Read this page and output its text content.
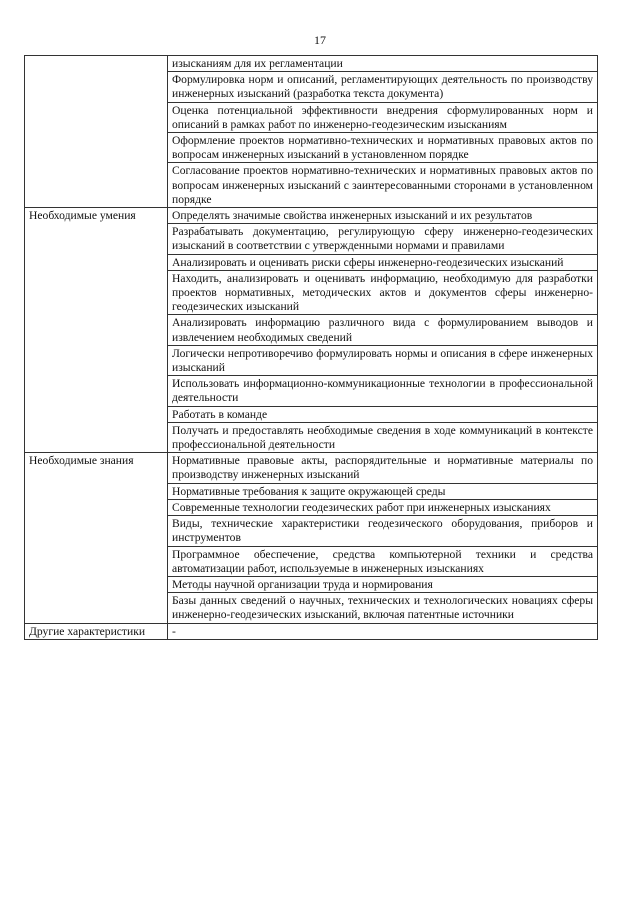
17
	изысканиям для их регламентации
	Формулировка норм и описаний, регламентирующих деятельность по производству инженерных изысканий (разработка текста документа)
	Оценка потенциальной эффективности внедрения сформулированных норм и описаний в рамках работ по инженерно-геодезическим изысканиям
	Оформление проектов нормативно-технических и нормативных правовых актов по вопросам инженерных изысканий в установленном порядке
	Согласование проектов нормативно-технических и нормативных правовых актов по вопросам инженерных изысканий с заинтересованными сторонами в установленном порядке
Необходимые умения	Определять значимые свойства инженерных изысканий и их результатов
	Разрабатывать документацию, регулирующую сферу инженерно-геодезических изысканий в соответствии с утвержденными нормами и правилами
	Анализировать и оценивать риски сферы инженерно-геодезических изысканий
	Находить, анализировать и оценивать информацию, необходимую для разработки проектов нормативных, методических актов и документов сферы инженерно-геодезических изысканий
	Анализировать информацию различного вида с формулированием выводов и извлечением необходимых сведений
	Логически непротиворечиво формулировать нормы и описания в сфере инженерных изысканий
	Использовать информационно-коммуникационные технологии в профессиональной деятельности
	Работать в команде
	Получать и предоставлять необходимые сведения в ходе коммуникаций в контексте профессиональной деятельности
Необходимые знания	Нормативные правовые акты, распорядительные и нормативные материалы по производству инженерных изысканий
	Нормативные требования к защите окружающей среды
	Современные технологии геодезических работ при инженерных изысканиях
	Виды, технические характеристики геодезического оборудования, приборов и инструментов
	Программное обеспечение, средства компьютерной техники и средства автоматизации работ, используемые в инженерных изысканиях
	Методы научной организации труда и нормирования
	Базы данных сведений о научных, технических и технологических новациях сферы инженерно-геодезических изысканий, включая патентные источники
Другие характеристики	-
